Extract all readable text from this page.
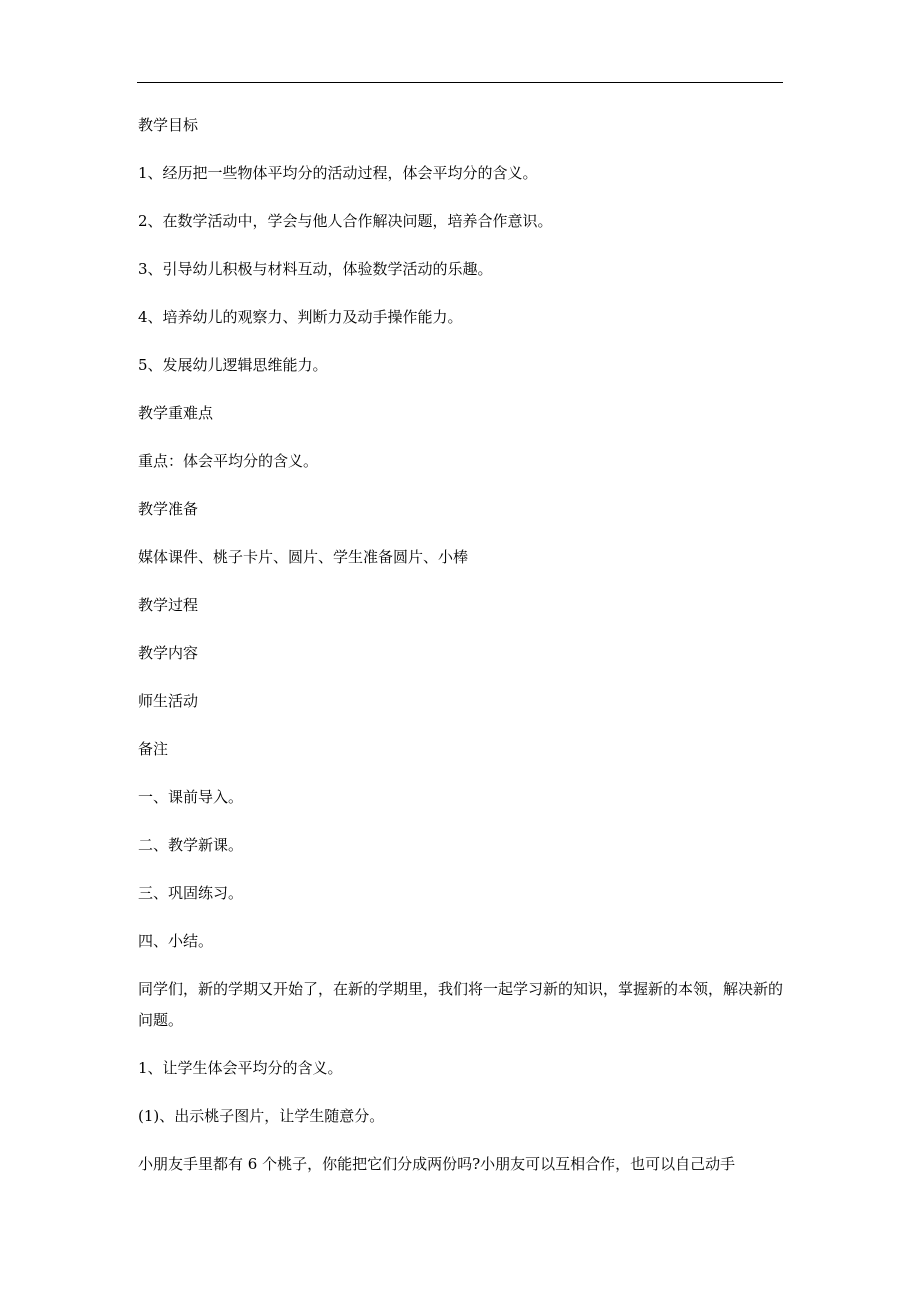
教学目标

1、经历把一些物体平均分的活动过程，体会平均分的含义。

2、在数学活动中，学会与他人合作解决问题，培养合作意识。

3、引导幼儿积极与材料互动，体验数学活动的乐趣。

4、培养幼儿的观察力、判断力及动手操作能力。

5、发展幼儿逻辑思维能力。

教学重难点

重点：体会平均分的含义。

教学准备

媒体课件、桃子卡片、圆片、学生准备圆片、小棒

教学过程

教学内容

师生活动

备注

一、课前导入。

二、教学新课。

三、巩固练习。

四、小结。

同学们，新的学期又开始了，在新的学期里，我们将一起学习新的知识，掌握新的本领，解决新的问题。

1、让学生体会平均分的含义。

(1)、出示桃子图片，让学生随意分。

小朋友手里都有 6 个桃子，你能把它们分成两份吗?小朋友可以互相合作，也可以自己动手
